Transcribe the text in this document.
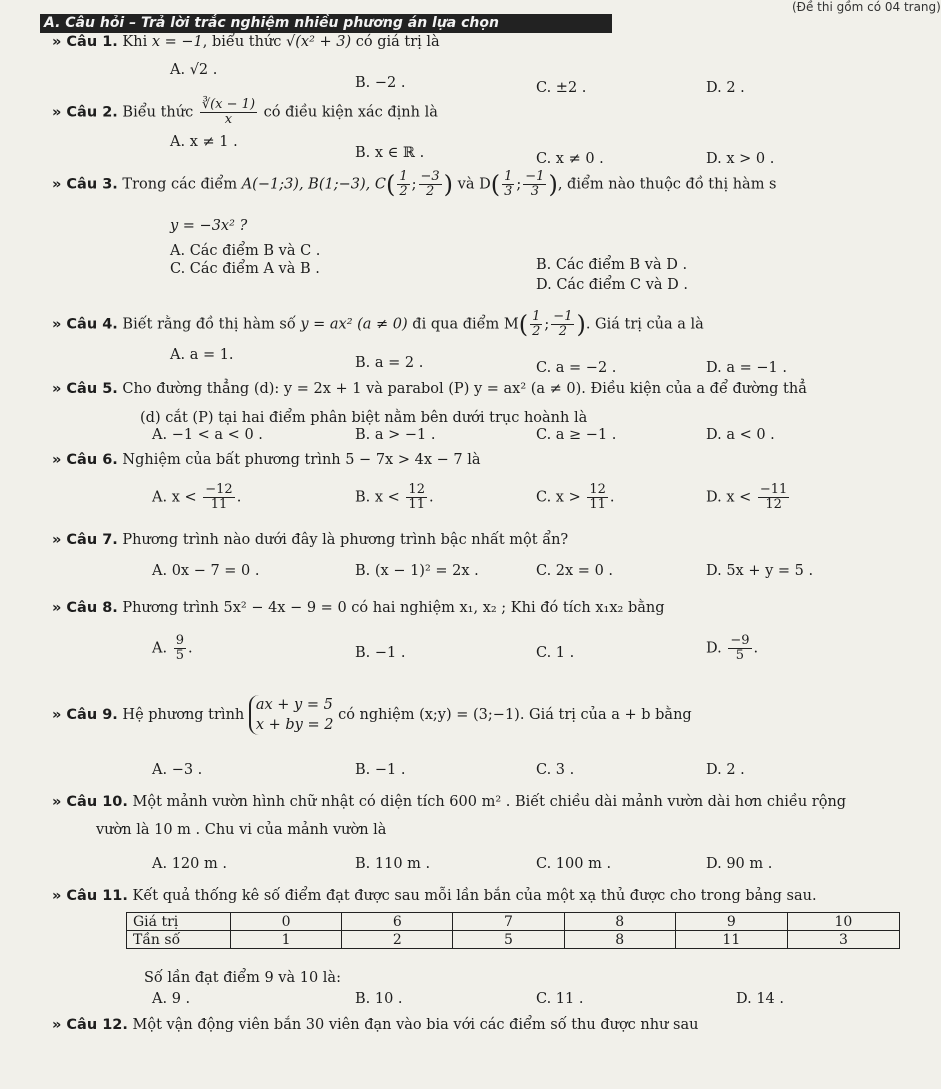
(Đề thi gồm có 04 trang)
A. Câu hỏi – Trả lời trắc nghiệm nhiều phương án lựa chọn
» Câu 1. Khi x = −1, biểu thức √(x² + 3) có giá trị là
A. √2 .
B. −2 .	C. ±2 .	D. 2 .
» Câu 2. Biểu thức $\frac{∛(x - 1)}{x}$ có điều kiện xác định là
A. x ≠ 1 .
B. x ∈ ℝ .	C. x ≠ 0 .	D. x > 0 .
» Câu 3. Trong các điểm A(−1;3), B(1;−3), $C( \frac{1}{2}$ ; $\frac{-3}{2}$ ) và $D( \frac{1}{3}$ ; $\frac{-1}{3}$ ), điểm nào thuộc đồ thị hàm s
y = −3x² ?
A. Các điểm B và C .
B. Các điểm B và D .
C. Các điểm A và B .
D. Các điểm C và D .
» Câu 4. Biết rằng đồ thị hàm số y = ax² (a ≠ 0) đi qua điểm $M( \frac{1}{2}$ ; $\frac{-1}{2}$ ). Giá trị của a là
A. a = 1.	B. a = 2 .	C. a = −2 .	D. a = −1 .
» Câu 5. Cho đường thẳng (d): y = 2x + 1 và parabol (P) y = ax² (a ≠ 0). Điều kiện của a để đường thẳ
(d) cắt (P) tại hai điểm phân biệt nằm bên dưới trục hoành là
A. −1 < a < 0 .	B. a > −1 .	C. a ≥ −1 .	D. a < 0 .
» Câu 6. Nghiệm của bất phương trình 5 − 7x > 4x − 7 là
A. $x < \frac{-12}{11}$ .	B. $x < \frac{12}{11}$ .	C. $x > \frac{12}{11}$ .	D. $x < \frac{-11}{12}$
» Câu 7. Phương trình nào dưới đây là phương trình bậc nhất một ẩn?
A. 0x − 7 = 0 .	B. (x − 1)² = 2x .	C. 2x = 0 .	D. 5x + y = 5 .
» Câu 8. Phương trình 5x² − 4x − 9 = 0 có hai nghiệm x₁, x₂ ; Khi đó tích x₁x₂ bằng
A. $\frac{9}{5}$ .	B. −1 .	C. 1 .	D. $\frac{-9}{5}$ .
» Câu 9. Hệ phương trình ax + y = 5
x + by = 2 có nghiệm (x;y) = (3;−1). Giá trị của a + b bằng
A. −3 .	B. −1 .	C. 3 .	D. 2 .
» Câu 10. Một mảnh vườn hình chữ nhật có diện tích 600 m² . Biết chiều dài mảnh vườn dài hơn chiều rộng
vườn là 10 m . Chu vi của mảnh vườn là
A. 120 m .	B. 110 m .	C. 100 m .	D. 90 m .
» Câu 11. Kết quả thống kê số điểm đạt được sau mỗi lần bắn của một xạ thủ được cho trong bảng sau.
Giá trị	0	6	7	8	9	10
Tần số	1	2	5	8	11	3
Số lần đạt điểm 9 và 10 là:
A. 9 .	B. 10 .	C. 11 .	D. 14 .
» Câu 12. Một vận động viên bắn 30 viên đạn vào bia với các điểm số thu được như sau
